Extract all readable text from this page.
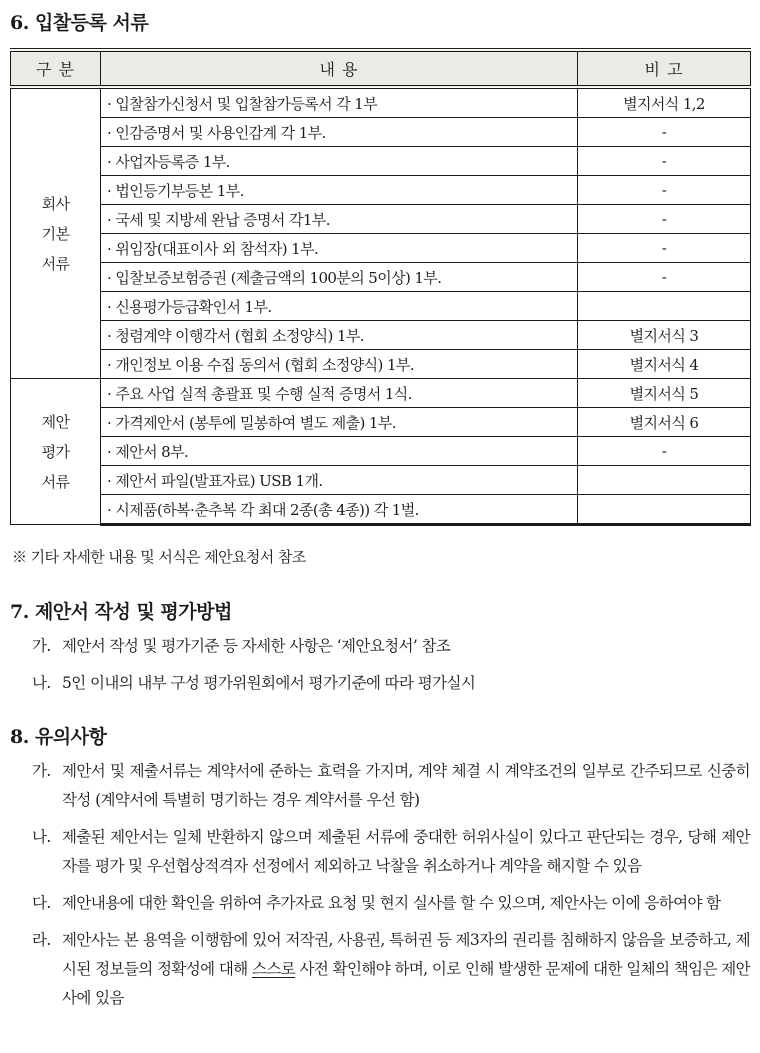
6. 입찰등록 서류
구 분	내 용	비 고

회사
기본
서류	· 입찰참가신청서 및 입찰참가등록서 각 1부	별지서식 1,2
	· 인감증명서 및 사용인감계 각 1부.	-
	· 사업자등록증 1부.	-
	· 법인등기부등본 1부.	-
	· 국세 및 지방세 완납 증명서 각1부.	-
	· 위임장(대표이사 외 참석자) 1부.	-
	· 입찰보증보험증권 (제출금액의 100분의 5이상) 1부.	-
	· 신용평가등급확인서 1부.	
	· 청렴계약 이행각서 (협회 소정양식) 1부.	별지서식 3
	· 개인정보 이용 수집 동의서 (협회 소정양식) 1부.	별지서식 4

제안
평가
서류	· 주요 사업 실적 총괄표 및 수행 실적 증명서 1식.	별지서식 5
	· 가격제안서 (봉투에 밀봉하여 별도 제출) 1부.	별지서식 6
	· 제안서 8부.	-
	· 제안서 파일(발표자료) USB 1개.	
	· 시제품(하복·춘추복 각 최대 2종(총 4종)) 각 1벌.	
※ 기타 자세한 내용 및 서식은 제안요청서 참조
7. 제안서 작성 및 평가방법
가. 제안서 작성 및 평가기준 등 자세한 사항은 ‘제안요청서’ 참조
나. 5인 이내의 내부 구성 평가위원회에서 평가기준에 따라 평가실시
8. 유의사항
가. 제안서 및 제출서류는 계약서에 준하는 효력을 가지며, 계약 체결 시 계약조건의 일부로 간주되므로 신중히 작성 (계약서에 특별히 명기하는 경우 계약서를 우선 함)
나. 제출된 제안서는 일체 반환하지 않으며 제출된 서류에 중대한 허위사실이 있다고 판단되는 경우, 당해 제안자를 평가 및 우선협상적격자 선정에서 제외하고 낙찰을 취소하거나 계약을 해지할 수 있음
다. 제안내용에 대한 확인을 위하여 추가자료 요청 및 현지 실사를 할 수 있으며, 제안사는 이에 응하여야 함
라. 제안사는 본 용역을 이행함에 있어 저작권, 사용권, 특허권 등 제3자의 권리를 침해하지 않음을 보증하고, 제시된 정보들의 정확성에 대해 스스로 사전 확인해야 하며, 이로 인해 발생한 문제에 대한 일체의 책임은 제안사에 있음
